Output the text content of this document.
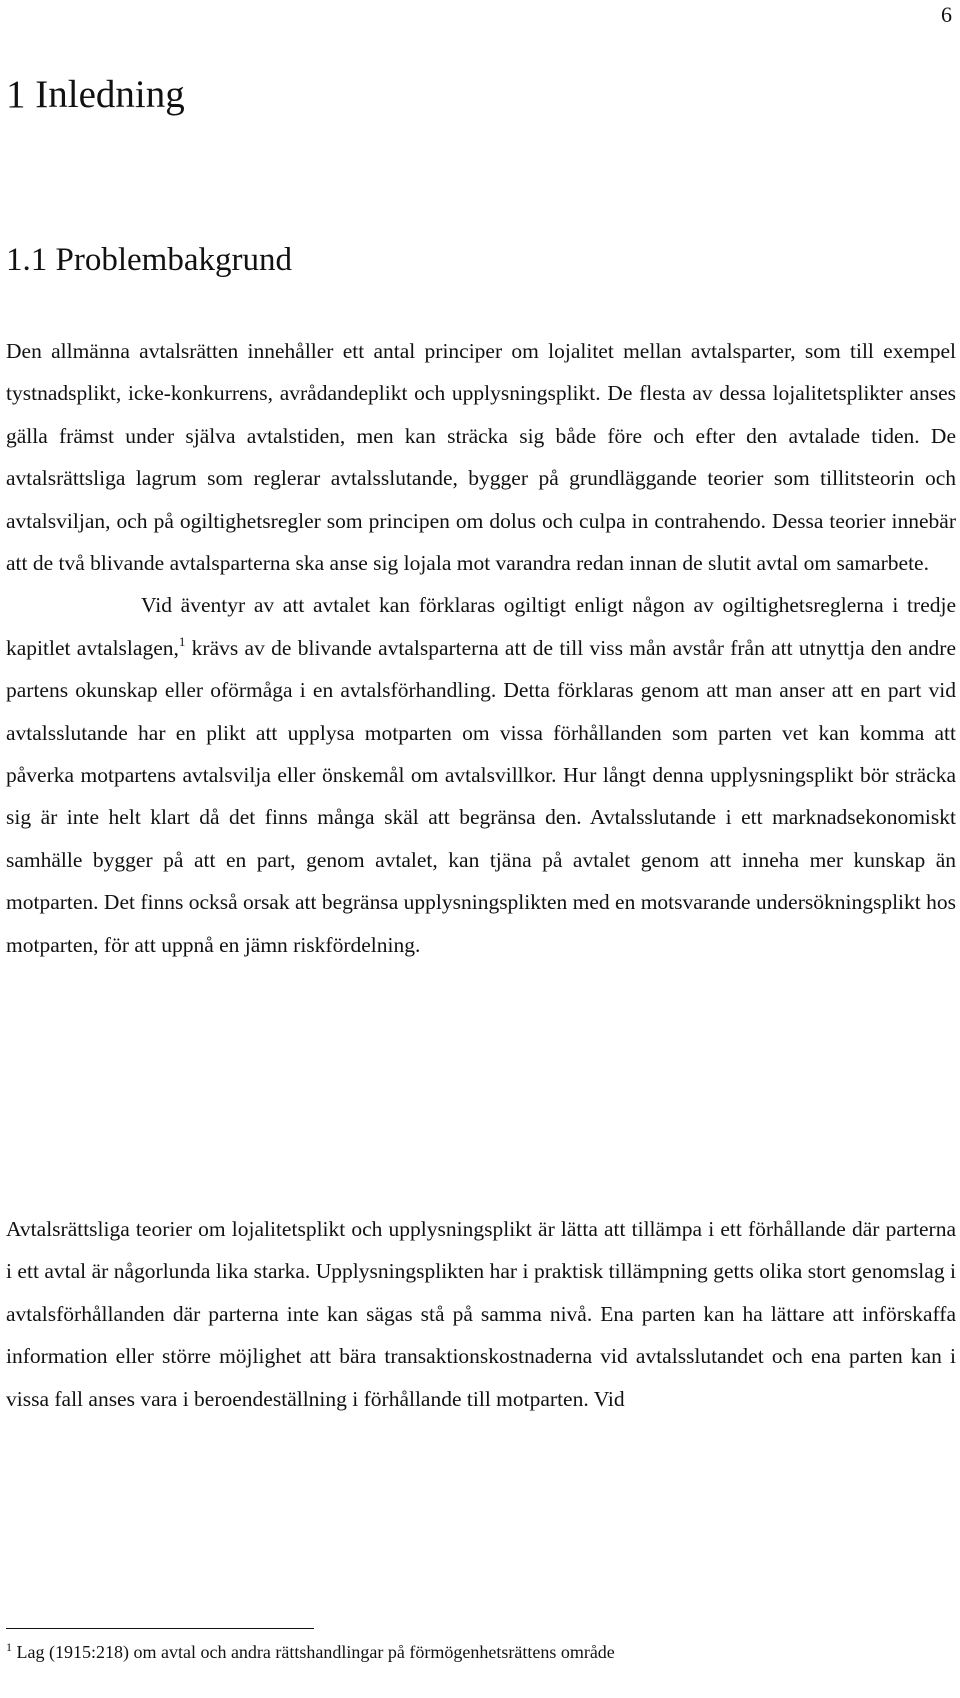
6
1 Inledning
1.1 Problembakgrund

Den allmänna avtalsrätten innehåller ett antal principer om lojalitet mellan avtalsparter, som till exempel tystnadsplikt, icke-konkurrens, avrådandeplikt och upplysningsplikt. De flesta av dessa lojalitetsplikter anses gälla främst under själva avtalstiden, men kan sträcka sig både före och efter den avtalade tiden. De avtalsrättsliga lagrum som reglerar avtalsslutande, bygger på grundläggande teorier som tillitsteorin och avtalsviljan, och på ogiltighetsregler som principen om dolus och culpa in contrahendo. Dessa teorier innebär att de två blivande avtalsparterna ska anse sig lojala mot varandra redan innan de slutit avtal om samarbete.
Vid äventyr av att avtalet kan förklaras ogiltigt enligt någon av ogiltighetsreglerna i tredje kapitlet avtalslagen,$^1$ krävs av de blivande avtalsparterna att de till viss mån avstår från att utnyttja den andre partens okunskap eller oförmåga i en avtalsförhandling. Detta förklaras genom att man anser att en part vid avtalsslutande har en plikt att upplysa motparten om vissa förhållanden som parten vet kan komma att påverka motpartens avtalsvilja eller önskemål om avtalsvillkor. Hur långt denna upplysningsplikt bör sträcka sig är inte helt klart då det finns många skäl att begränsa den. Avtalsslutande i ett marknadsekonomiskt samhälle bygger på att en part, genom avtalet, kan tjäna på avtalet genom att inneha mer kunskap än motparten. Det finns också orsak att begränsa upplysningsplikten med en motsvarande undersökningsplikt hos motparten, för att uppnå en jämn riskfördelning.

Avtalsrättsliga teorier om lojalitetsplikt och upplysningsplikt är lätta att tillämpa i ett förhållande där parterna i ett avtal är någorlunda lika starka. Upplysningsplikten har i praktisk tillämpning getts olika stort genomslag i avtalsförhållanden där parterna inte kan sägas stå på samma nivå. Ena parten kan ha lättare att införskaffa information eller större möjlighet att bära transaktionskostnaderna vid avtalsslutandet och ena parten kan i vissa fall anses vara i beroendeställning i förhållande till motparten. Vid

$^1$ Lag (1915:218) om avtal och andra rättshandlingar på förmögenhetsrättens område
